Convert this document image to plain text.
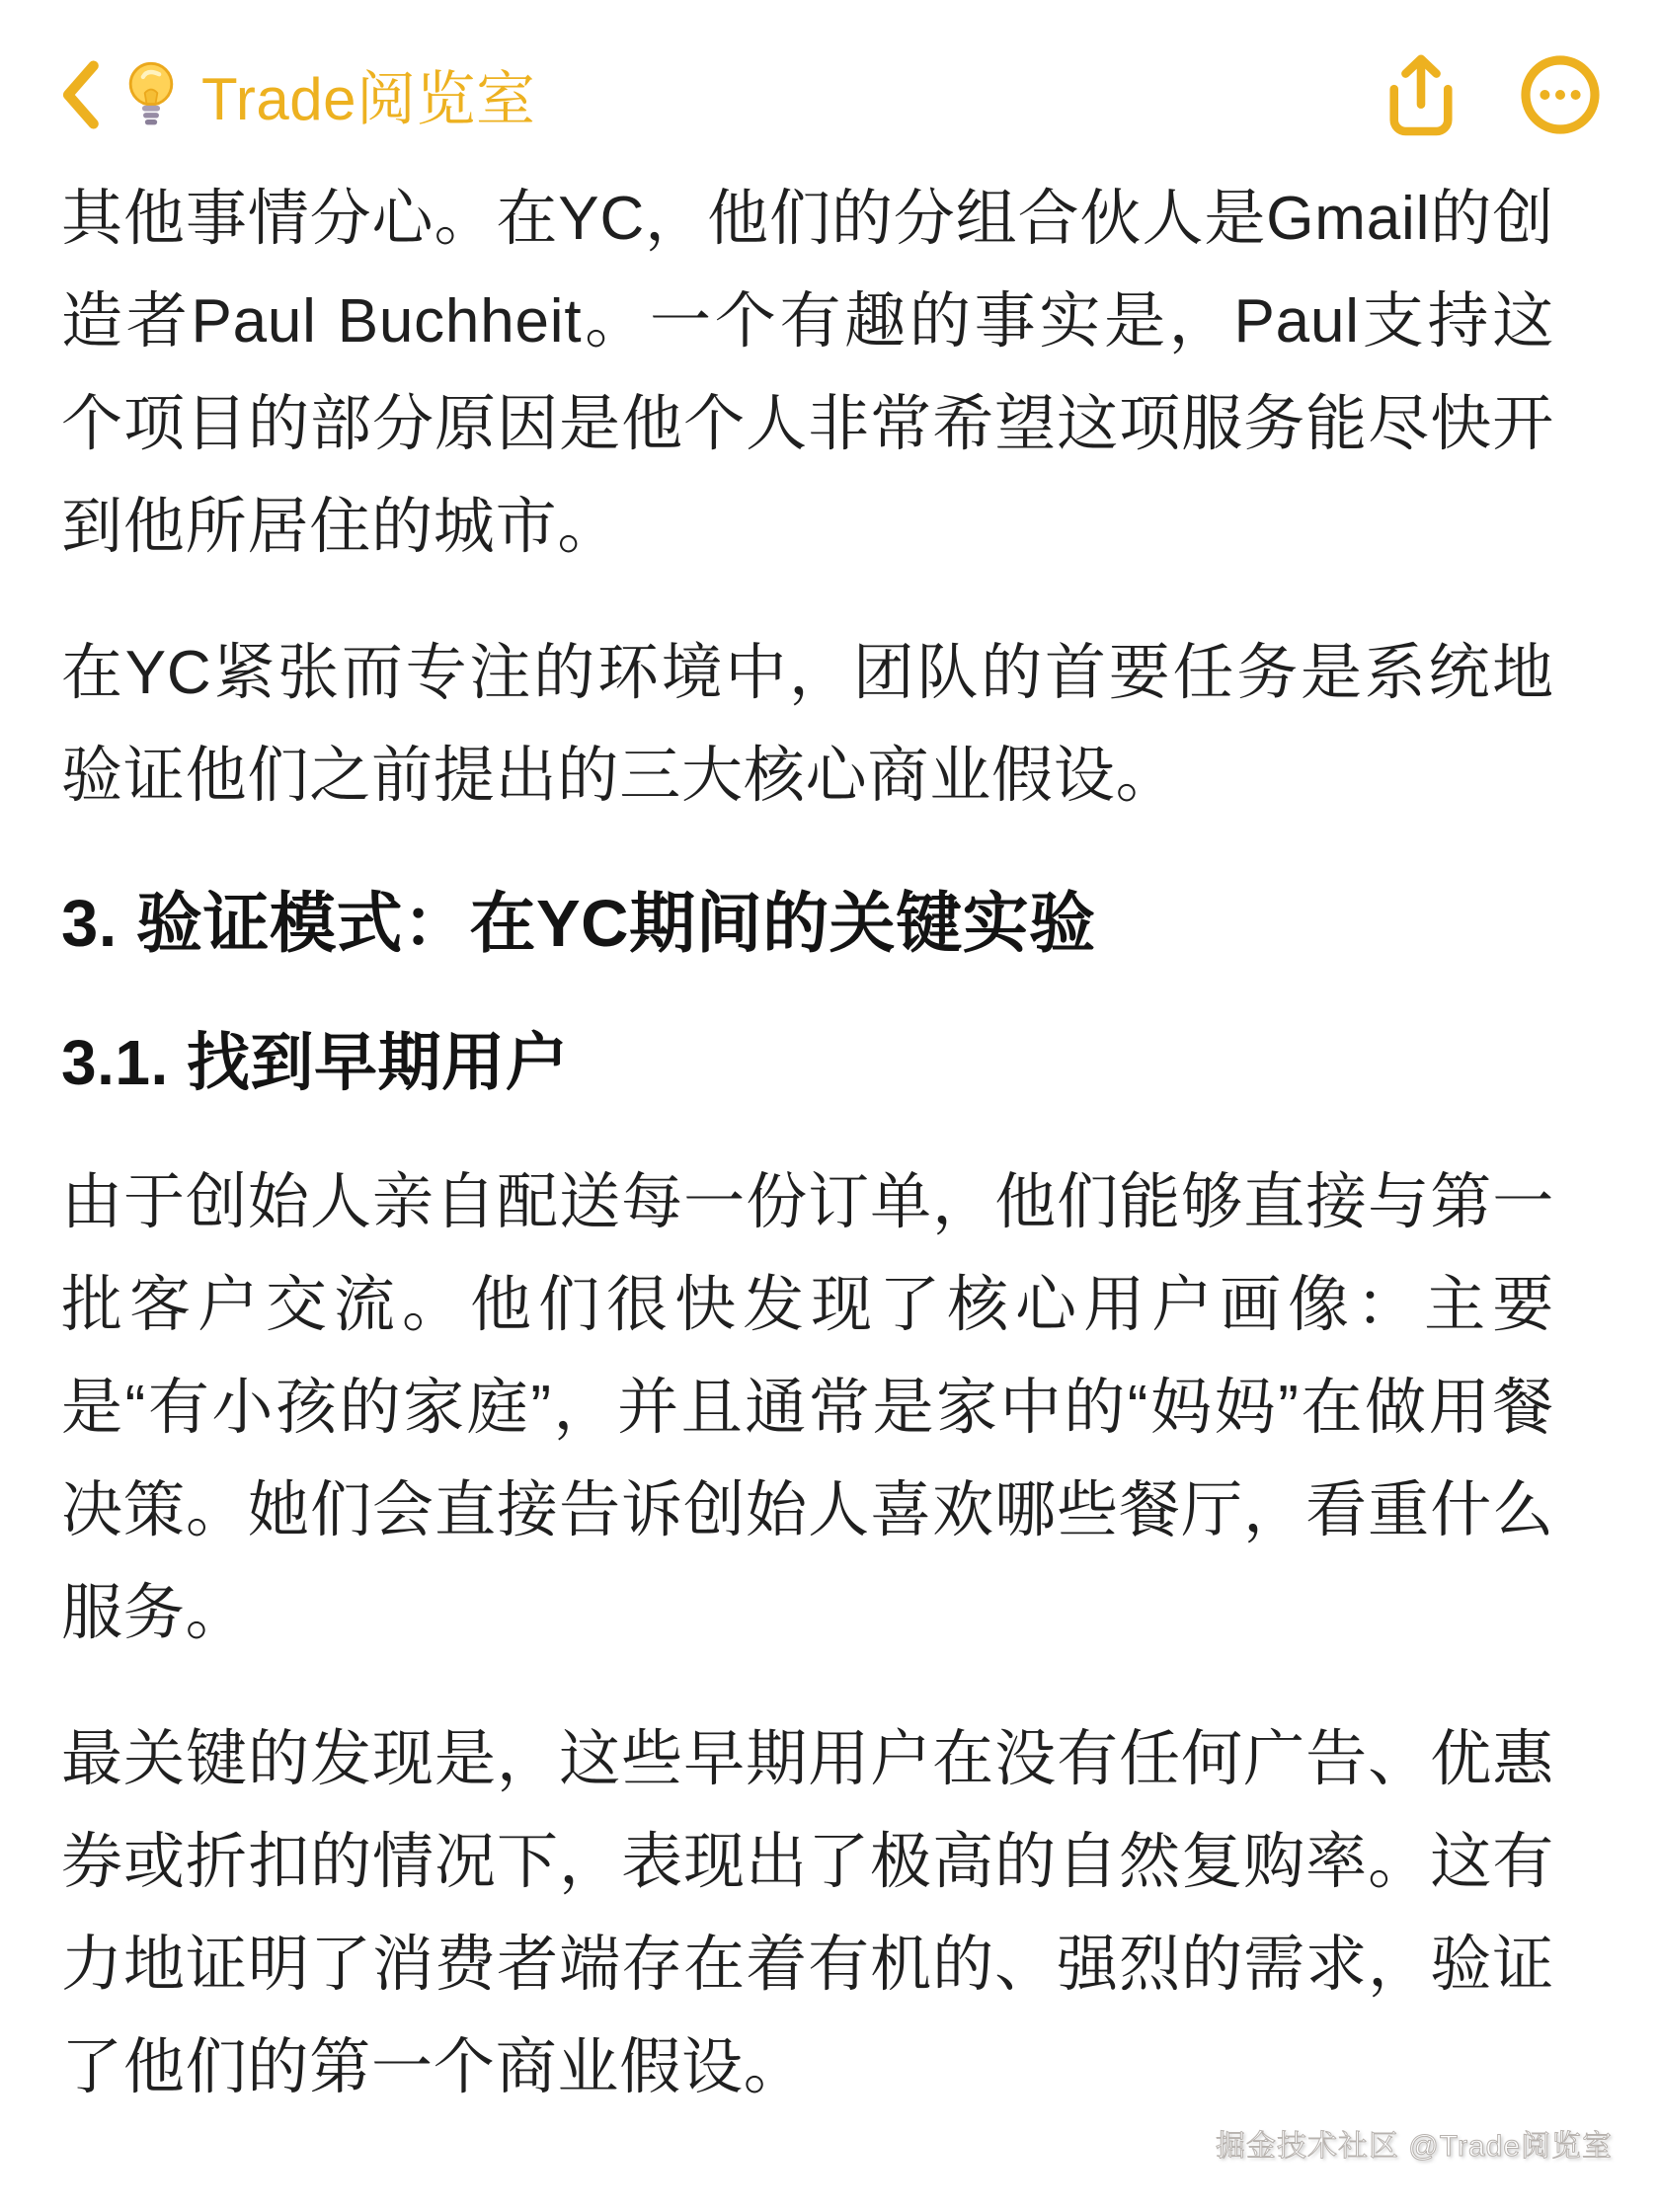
Trade阅览室

其他事情分心。在YC，他们的分组合伙人是Gmail的创造者Paul Buchheit。一个有趣的事实是，Paul支持这个项目的部分原因是他个人非常希望这项服务能尽快开到他所居住的城市。

在YC紧张而专注的环境中，团队的首要任务是系统地验证他们之前提出的三大核心商业假设。

3. 验证模式：在YC期间的关键实验
3.1. 找到早期用户

由于创始人亲自配送每一份订单，他们能够直接与第一批客户交流。他们很快发现了核心用户画像：主要是“有小孩的家庭”，并且通常是家中的“妈妈”在做用餐决策。她们会直接告诉创始人喜欢哪些餐厅，看重什么服务。

最关键的发现是，这些早期用户在没有任何广告、优惠券或折扣的情况下，表现出了极高的自然复购率。这有力地证明了消费者端存在着有机的、强烈的需求，验证了他们的第一个商业假设。

掘金技术社区 @Trade阅览室
